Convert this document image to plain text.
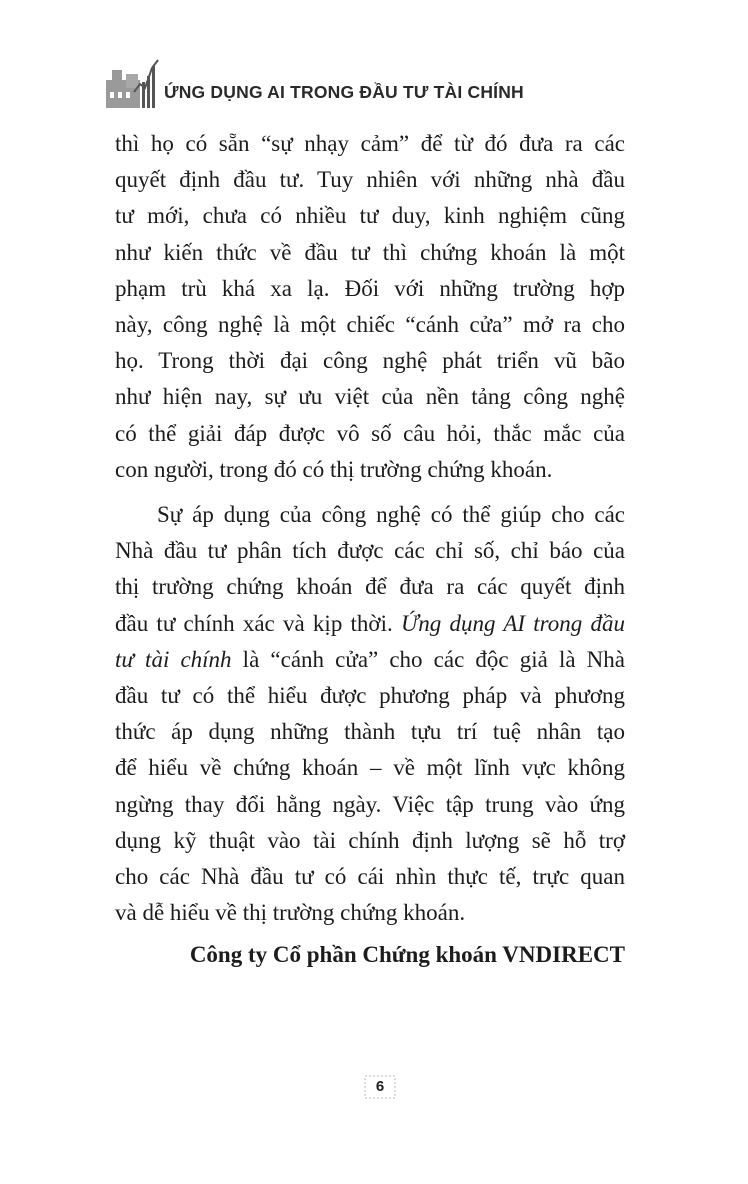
ỨNG DỤNG AI TRONG ĐẦU TƯ TÀI CHÍNH

thì họ có sẵn “sự nhạy cảm” để từ đó đưa ra các
quyết định đầu tư. Tuy nhiên với những nhà đầu
tư mới, chưa có nhiều tư duy, kinh nghiệm cũng
như kiến thức về đầu tư thì chứng khoán là một
phạm trù khá xa lạ. Đối với những trường hợp
này, công nghệ là một chiếc “cánh cửa” mở ra cho
họ. Trong thời đại công nghệ phát triển vũ bão
như hiện nay, sự ưu việt của nền tảng công nghệ
có thể giải đáp được vô số câu hỏi, thắc mắc của
con người, trong đó có thị trường chứng khoán.

Sự áp dụng của công nghệ có thể giúp cho các
Nhà đầu tư phân tích được các chỉ số, chỉ báo của
thị trường chứng khoán để đưa ra các quyết định
đầu tư chính xác và kịp thời. Ứng dụng AI trong đầu
tư tài chính là “cánh cửa” cho các độc giả là Nhà
đầu tư có thể hiểu được phương pháp và phương
thức áp dụng những thành tựu trí tuệ nhân tạo
để hiểu về chứng khoán – về một lĩnh vực không
ngừng thay đổi hằng ngày. Việc tập trung vào ứng
dụng kỹ thuật vào tài chính định lượng sẽ hỗ trợ
cho các Nhà đầu tư có cái nhìn thực tế, trực quan
và dễ hiểu về thị trường chứng khoán.

Công ty Cổ phần Chứng khoán VNDIRECT
6
